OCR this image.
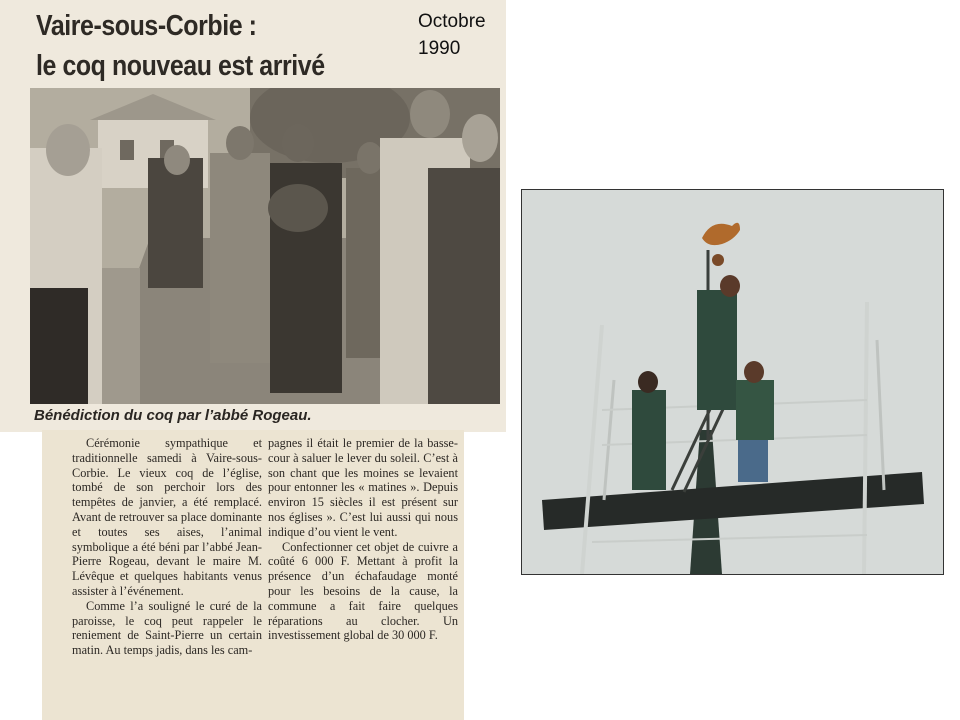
Vaire-sous-Corbie :
le coq nouveau est arrivé

Bénédiction du coq par l’abbé Rogeau.

Octobre
1990

Cérémonie sympathique et traditionnelle samedi à Vaire-sous-Corbie. Le vieux coq de l’église, tombé de son perchoir lors des tempêtes de janvier, a été remplacé. Avant de retrouver sa place dominante et toutes ses aises, l’animal symbolique a été béni par l’abbé Jean-Pierre Rogeau, devant le maire M. Lévêque et quelques habitants venus assister à l’événement.

Comme l’a souligné le curé de la paroisse, le coq peut rappeler le reniement de Saint-Pierre un certain matin. Au temps jadis, dans les cam-

pagnes il était le premier de la basse-cour à saluer le lever du soleil. C’est à son chant que les moines se levaient pour entonner les « matines ». Depuis environ 15 siècles il est présent sur nos églises ». C’est lui aussi qui nous indique d’ou vient le vent.

Confectionner cet objet de cuivre a coûté 6 000 F. Mettant à profit la présence d’un échafaudage monté pour les besoins de la cause, la commune a fait faire quelques réparations au clocher. Un investissement global de 30 000 F.
